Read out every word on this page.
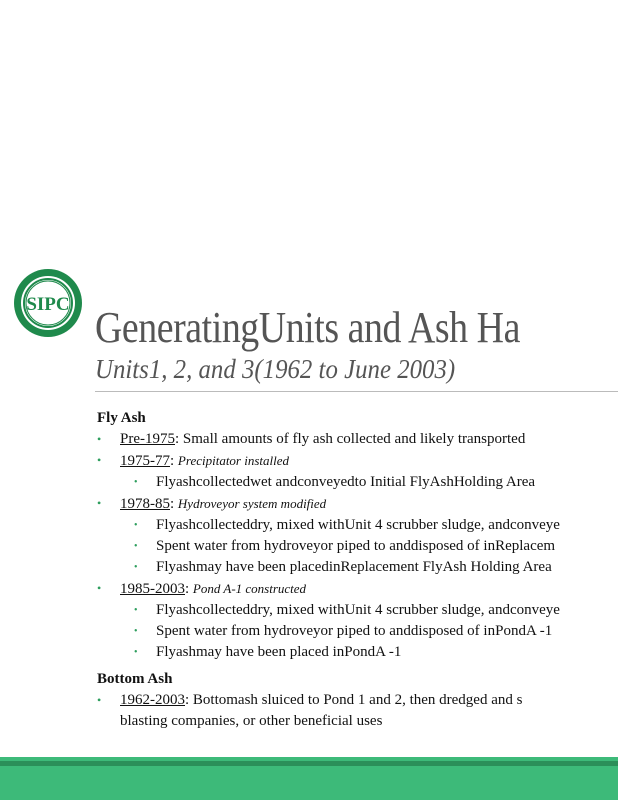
SIPC GeneratingUnits and Ash Ha
Units1, 2, and 3(1962 to June 2003)
Fly Ash
• Pre-1975: Small amounts of fly ash collected and likely transported
• 1975-77: Precipitator installed
• Flyashcollectedwet andconveyedto Initial FlyAshHolding Area
• 1978-85: Hydroveyor system modified
• Flyashcollecteddry, mixed withUnit 4 scrubber sludge, andconveye
• Spent water from hydroveyor piped to anddisposed of inReplacem
• Flyashmay have been placedinReplacement FlyAsh Holding Area
• 1985-2003: Pond A-1 constructed
• Flyashcollecteddry, mixed withUnit 4 scrubber sludge, andconveye
• Spent water from hydroveyor piped to anddisposed of inPondA -1
• Flyashmay have been placed inPondA -1
Bottom Ash
• 1962-2003: Bottomash sluiced to Pond 1 and 2, then dredged and s
blasting companies, or other beneficial uses
